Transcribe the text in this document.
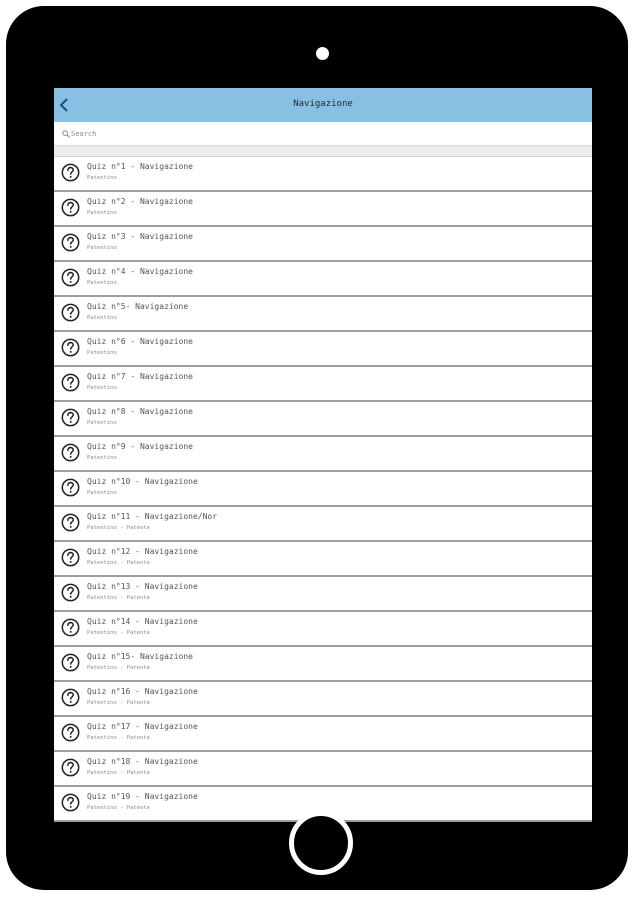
Navigazione
Search
Quiz n°1 - Navigazione
Patentino
Quiz n°2 - Navigazione
Patentino
Quiz n°3 - Navigazione
Patentino
Quiz n°4 - Navigazione
Patentino
Quiz n°5- Navigazione
Patentino
Quiz n°6 - Navigazione
Patentino
Quiz n°7 - Navigazione
Patentino
Quiz n°8 - Navigazione
Patentino
Quiz n°9 - Navigazione
Patentino
Quiz n°10 - Navigazione
Patentino
Quiz n°11 - Navigazione/Nor
Patentino - Patente
Quiz n°12 - Navigazione
Patentino - Patente
Quiz n°13 - Navigazione
Patentino - Patente
Quiz n°14 - Navigazione
Patentino - Patente
Quiz n°15- Navigazione
Patentino - Patente
Quiz n°16 - Navigazione
Patentino - Patente
Quiz n°17 - Navigazione
Patentino - Patente
Quiz n°18 - Navigazione
Patentino - Patente
Quiz n°19 - Navigazione
Patentino - Patente
